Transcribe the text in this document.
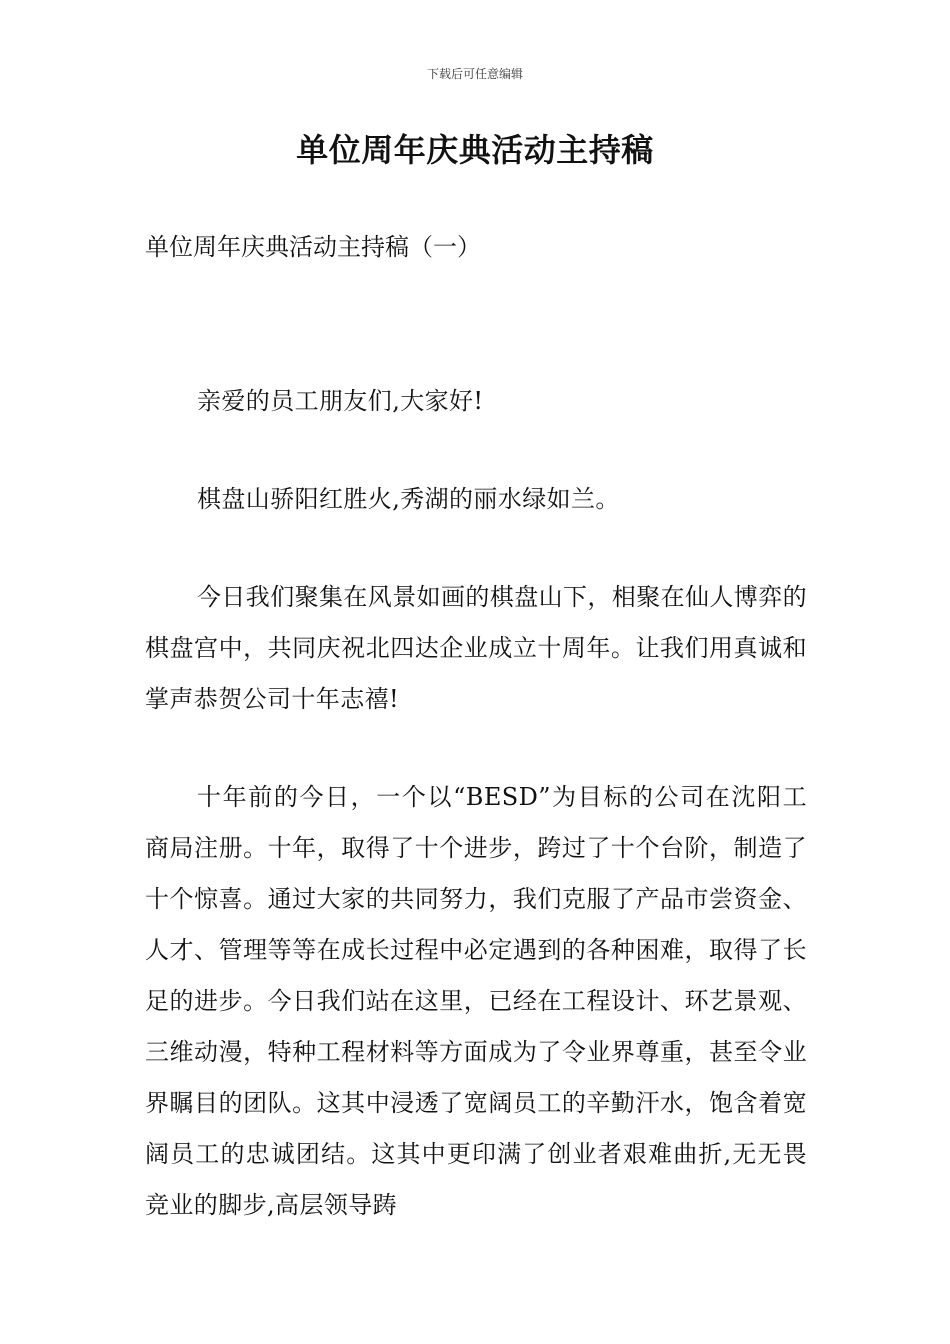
下载后可任意编辑
单位周年庆典活动主持稿
单位周年庆典活动主持稿（一）

亲爱的员工朋友们,大家好!

棋盘山骄阳红胜火,秀湖的丽水绿如兰。

今日我们聚集在风景如画的棋盘山下，相聚在仙人博弈的棋盘宫中，共同庆祝北四达企业成立十周年。让我们用真诚和掌声恭贺公司十年志禧!

十年前的今日，一个以“BESD”为目标的公司在沈阳工商局注册。十年，取得了十个进步，跨过了十个台阶，制造了十个惊喜。通过大家的共同努力，我们克服了产品市尝资金、人才、管理等等在成长过程中必定遇到的各种困难，取得了长足的进步。今日我们站在这里，已经在工程设计、环艺景观、三维动漫，特种工程材料等方面成为了令业界尊重，甚至令业界瞩目的团队。这其中浸透了宽阔员工的辛勤汗水，饱含着宽阔员工的忠诚团结。这其中更印满了创业者艰难曲折,无无畏竞业的脚步,高层领导踌
